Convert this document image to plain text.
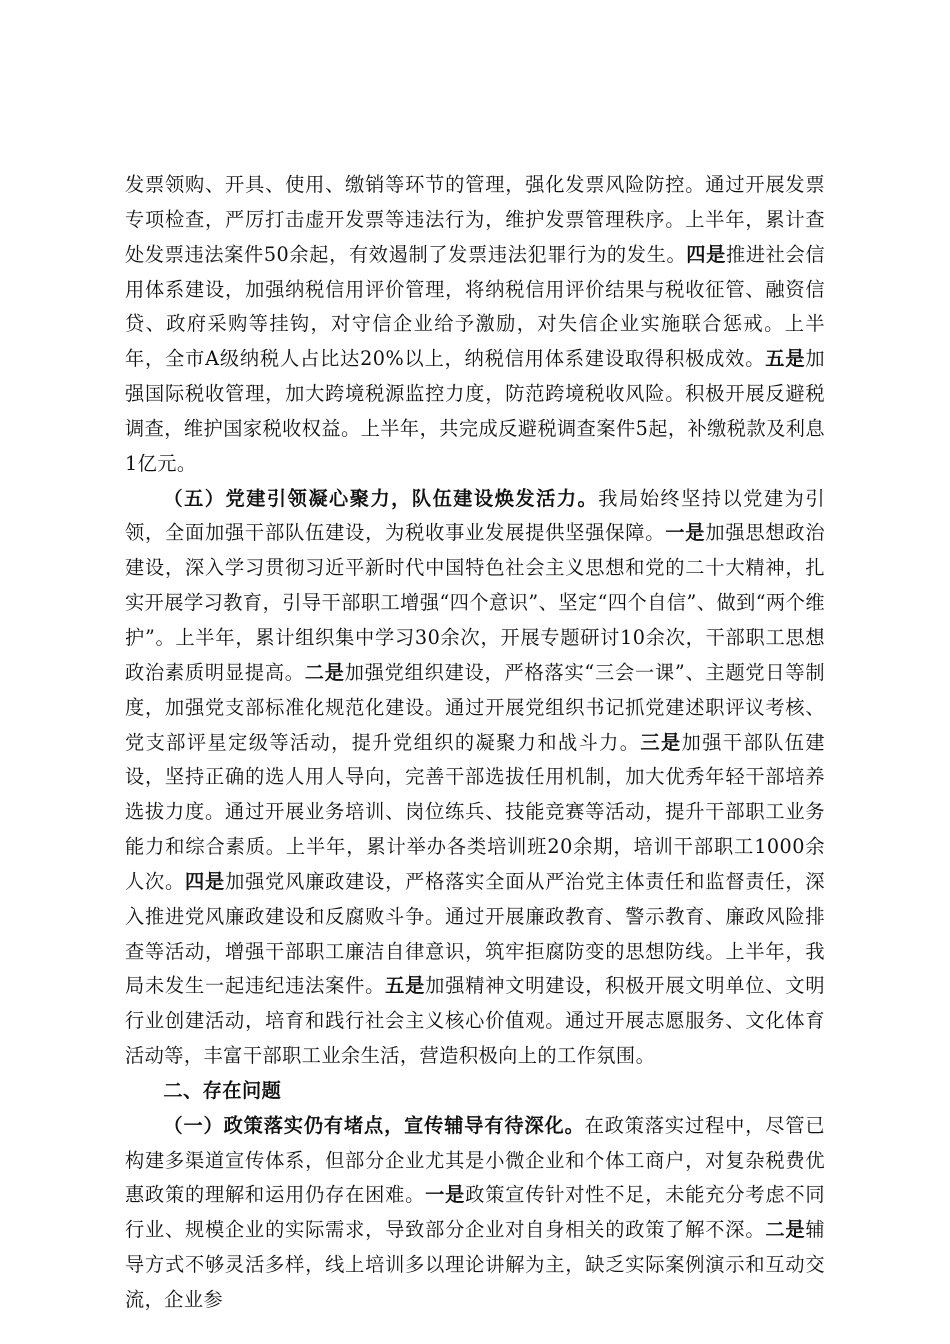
发票领购、开具、使用、缴销等环节的管理，强化发票风险防控。通过开展发票专项检查，严厉打击虚开发票等违法行为，维护发票管理秩序。上半年，累计查处发票违法案件50余起，有效遏制了发票违法犯罪行为的发生。四是推进社会信用体系建设，加强纳税信用评价管理，将纳税信用评价结果与税收征管、融资信贷、政府采购等挂钩，对守信企业给予激励，对失信企业实施联合惩戒。上半年，全市A级纳税人占比达20%以上，纳税信用体系建设取得积极成效。五是加强国际税收管理，加大跨境税源监控力度，防范跨境税收风险。积极开展反避税调查，维护国家税收权益。上半年，共完成反避税调查案件5起，补缴税款及利息1亿元。

（五）党建引领凝心聚力，队伍建设焕发活力。我局始终坚持以党建为引领，全面加强干部队伍建设，为税收事业发展提供坚强保障。一是加强思想政治建设，深入学习贯彻习近平新时代中国特色社会主义思想和党的二十大精神，扎实开展学习教育，引导干部职工增强“四个意识”、坚定“四个自信”、做到“两个维护”。上半年，累计组织集中学习30余次，开展专题研讨10余次，干部职工思想政治素质明显提高。二是加强党组织建设，严格落实“三会一课”、主题党日等制度，加强党支部标准化规范化建设。通过开展党组织书记抓党建述职评议考核、党支部评星定级等活动，提升党组织的凝聚力和战斗力。三是加强干部队伍建设，坚持正确的选人用人导向，完善干部选拔任用机制，加大优秀年轻干部培养选拔力度。通过开展业务培训、岗位练兵、技能竞赛等活动，提升干部职工业务能力和综合素质。上半年，累计举办各类培训班20余期，培训干部职工1000余人次。四是加强党风廉政建设，严格落实全面从严治党主体责任和监督责任，深入推进党风廉政建设和反腐败斗争。通过开展廉政教育、警示教育、廉政风险排查等活动，增强干部职工廉洁自律意识，筑牢拒腐防变的思想防线。上半年，我局未发生一起违纪违法案件。五是加强精神文明建设，积极开展文明单位、文明行业创建活动，培育和践行社会主义核心价值观。通过开展志愿服务、文化体育活动等，丰富干部职工业余生活，营造积极向上的工作氛围。

二、存在问题

（一）政策落实仍有堵点，宣传辅导有待深化。在政策落实过程中，尽管已构建多渠道宣传体系，但部分企业尤其是小微企业和个体工商户，对复杂税费优惠政策的理解和运用仍存在困难。一是政策宣传针对性不足，未能充分考虑不同行业、规模企业的实际需求，导致部分企业对自身相关的政策了解不深。二是辅导方式不够灵活多样，线上培训多以理论讲解为主，缺乏实际案例演示和互动交流，企业参
